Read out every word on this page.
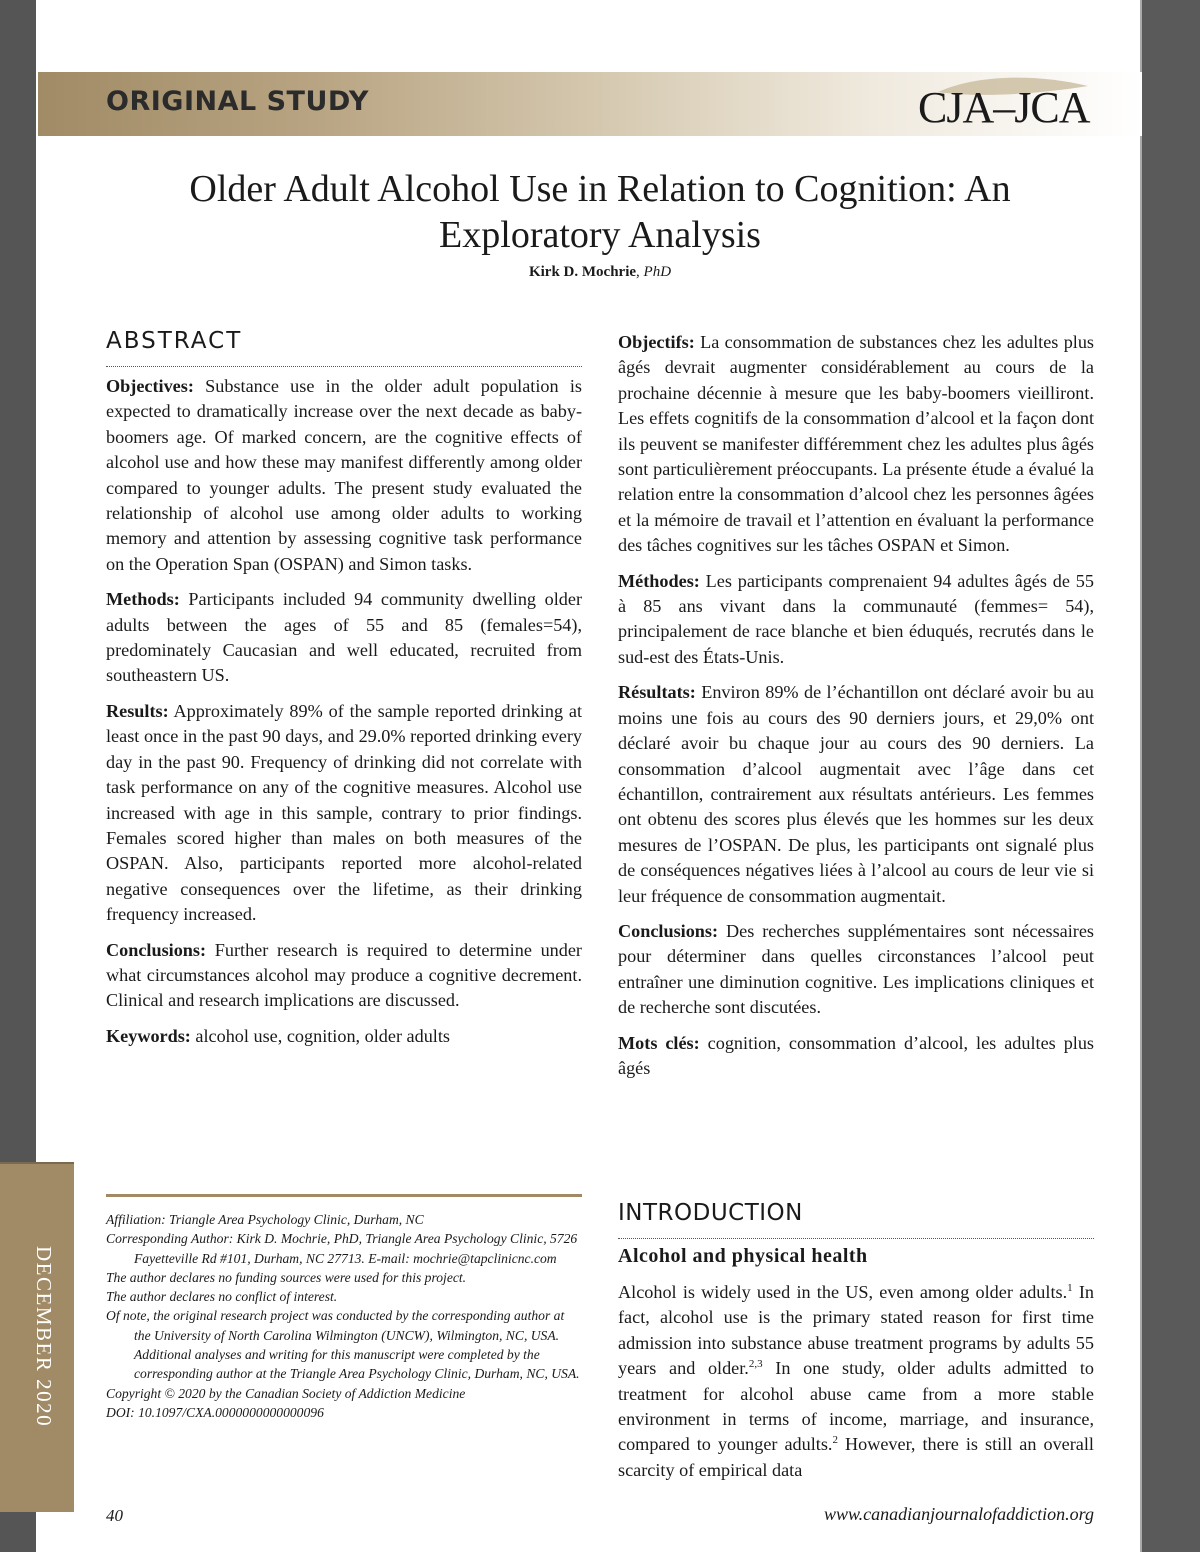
ORIGINAL STUDY	CJA–JCA
Older Adult Alcohol Use in Relation to Cognition: An Exploratory Analysis
Kirk D. Mochrie, PhD
ABSTRACT

Objectives: Substance use in the older adult population is expected to dramatically increase over the next decade as baby-boomers age. Of marked concern, are the cognitive effects of alcohol use and how these may manifest differently among older compared to younger adults. The present study evaluated the relationship of alcohol use among older adults to working memory and attention by assessing cognitive task performance on the Operation Span (OSPAN) and Simon tasks.

Methods: Participants included 94 community dwelling older adults between the ages of 55 and 85 (females=54), predominately Caucasian and well educated, recruited from southeastern US.

Results: Approximately 89% of the sample reported drinking at least once in the past 90 days, and 29.0% reported drinking every day in the past 90. Frequency of drinking did not correlate with task performance on any of the cognitive measures. Alcohol use increased with age in this sample, contrary to prior findings. Females scored higher than males on both measures of the OSPAN. Also, participants reported more alcohol-related negative consequences over the lifetime, as their drinking frequency increased.

Conclusions: Further research is required to determine under what circumstances alcohol may produce a cognitive decrement. Clinical and research implications are discussed.

Keywords: alcohol use, cognition, older adults

Objectifs: La consommation de substances chez les adultes plus âgés devrait augmenter considérablement au cours de la prochaine décennie à mesure que les baby-boomers vieilliront. Les effets cognitifs de la consommation d’alcool et la façon dont ils peuvent se manifester différemment chez les adultes plus âgés sont particulièrement préoccupants. La présente étude a évalué la relation entre la consommation d’alcool chez les personnes âgées et la mémoire de travail et l’attention en évaluant la performance des tâches cognitives sur les tâches OSPAN et Simon.

Méthodes: Les participants comprenaient 94 adultes âgés de 55 à 85 ans vivant dans la communauté (femmes= 54), principalement de race blanche et bien éduqués, recrutés dans le sud-est des États-Unis.

Résultats: Environ 89% de l’échantillon ont déclaré avoir bu au moins une fois au cours des 90 derniers jours, et 29,0% ont déclaré avoir bu chaque jour au cours des 90 derniers. La consommation d’alcool augmentait avec l’âge dans cet échantillon, contrairement aux résultats antérieurs. Les femmes ont obtenu des scores plus élevés que les hommes sur les deux mesures de l’OSPAN. De plus, les participants ont signalé plus de conséquences négatives liées à l’alcool au cours de leur vie si leur fréquence de consommation augmentait.

Conclusions: Des recherches supplémentaires sont nécessaires pour déterminer dans quelles circonstances l’alcool peut entraîner une diminution cognitive. Les implications cliniques et de recherche sont discutées.

Mots clés: cognition, consommation d’alcool, les adultes plus âgés

INTRODUCTION
Alcohol and physical health

Alcohol is widely used in the US, even among older adults.$^1$ In fact, alcohol use is the primary stated reason for first time admission into substance abuse treatment programs by adults 55 years and older.$^{2,3}$ In one study, older adults admitted to treatment for alcohol abuse came from a more stable environment in terms of income, marriage, and insurance, compared to younger adults.$^2$ However, there is still an overall scarcity of empirical data

Affiliation: Triangle Area Psychology Clinic, Durham, NC
Corresponding Author: Kirk D. Mochrie, PhD, Triangle Area Psychology Clinic, 5726 Fayetteville Rd #101, Durham, NC 27713. E-mail: mochrie@tapclinicnc.com
The author declares no funding sources were used for this project.
The author declares no conflict of interest.
Of note, the original research project was conducted by the corresponding author at the University of North Carolina Wilmington (UNCW), Wilmington, NC, USA. Additional analyses and writing for this manuscript were completed by the corresponding author at the Triangle Area Psychology Clinic, Durham, NC, USA.
Copyright © 2020 by the Canadian Society of Addiction Medicine
DOI: 10.1097/CXA.0000000000000096
DECEMBER 2020
40	www.canadianjournalofaddiction.org
